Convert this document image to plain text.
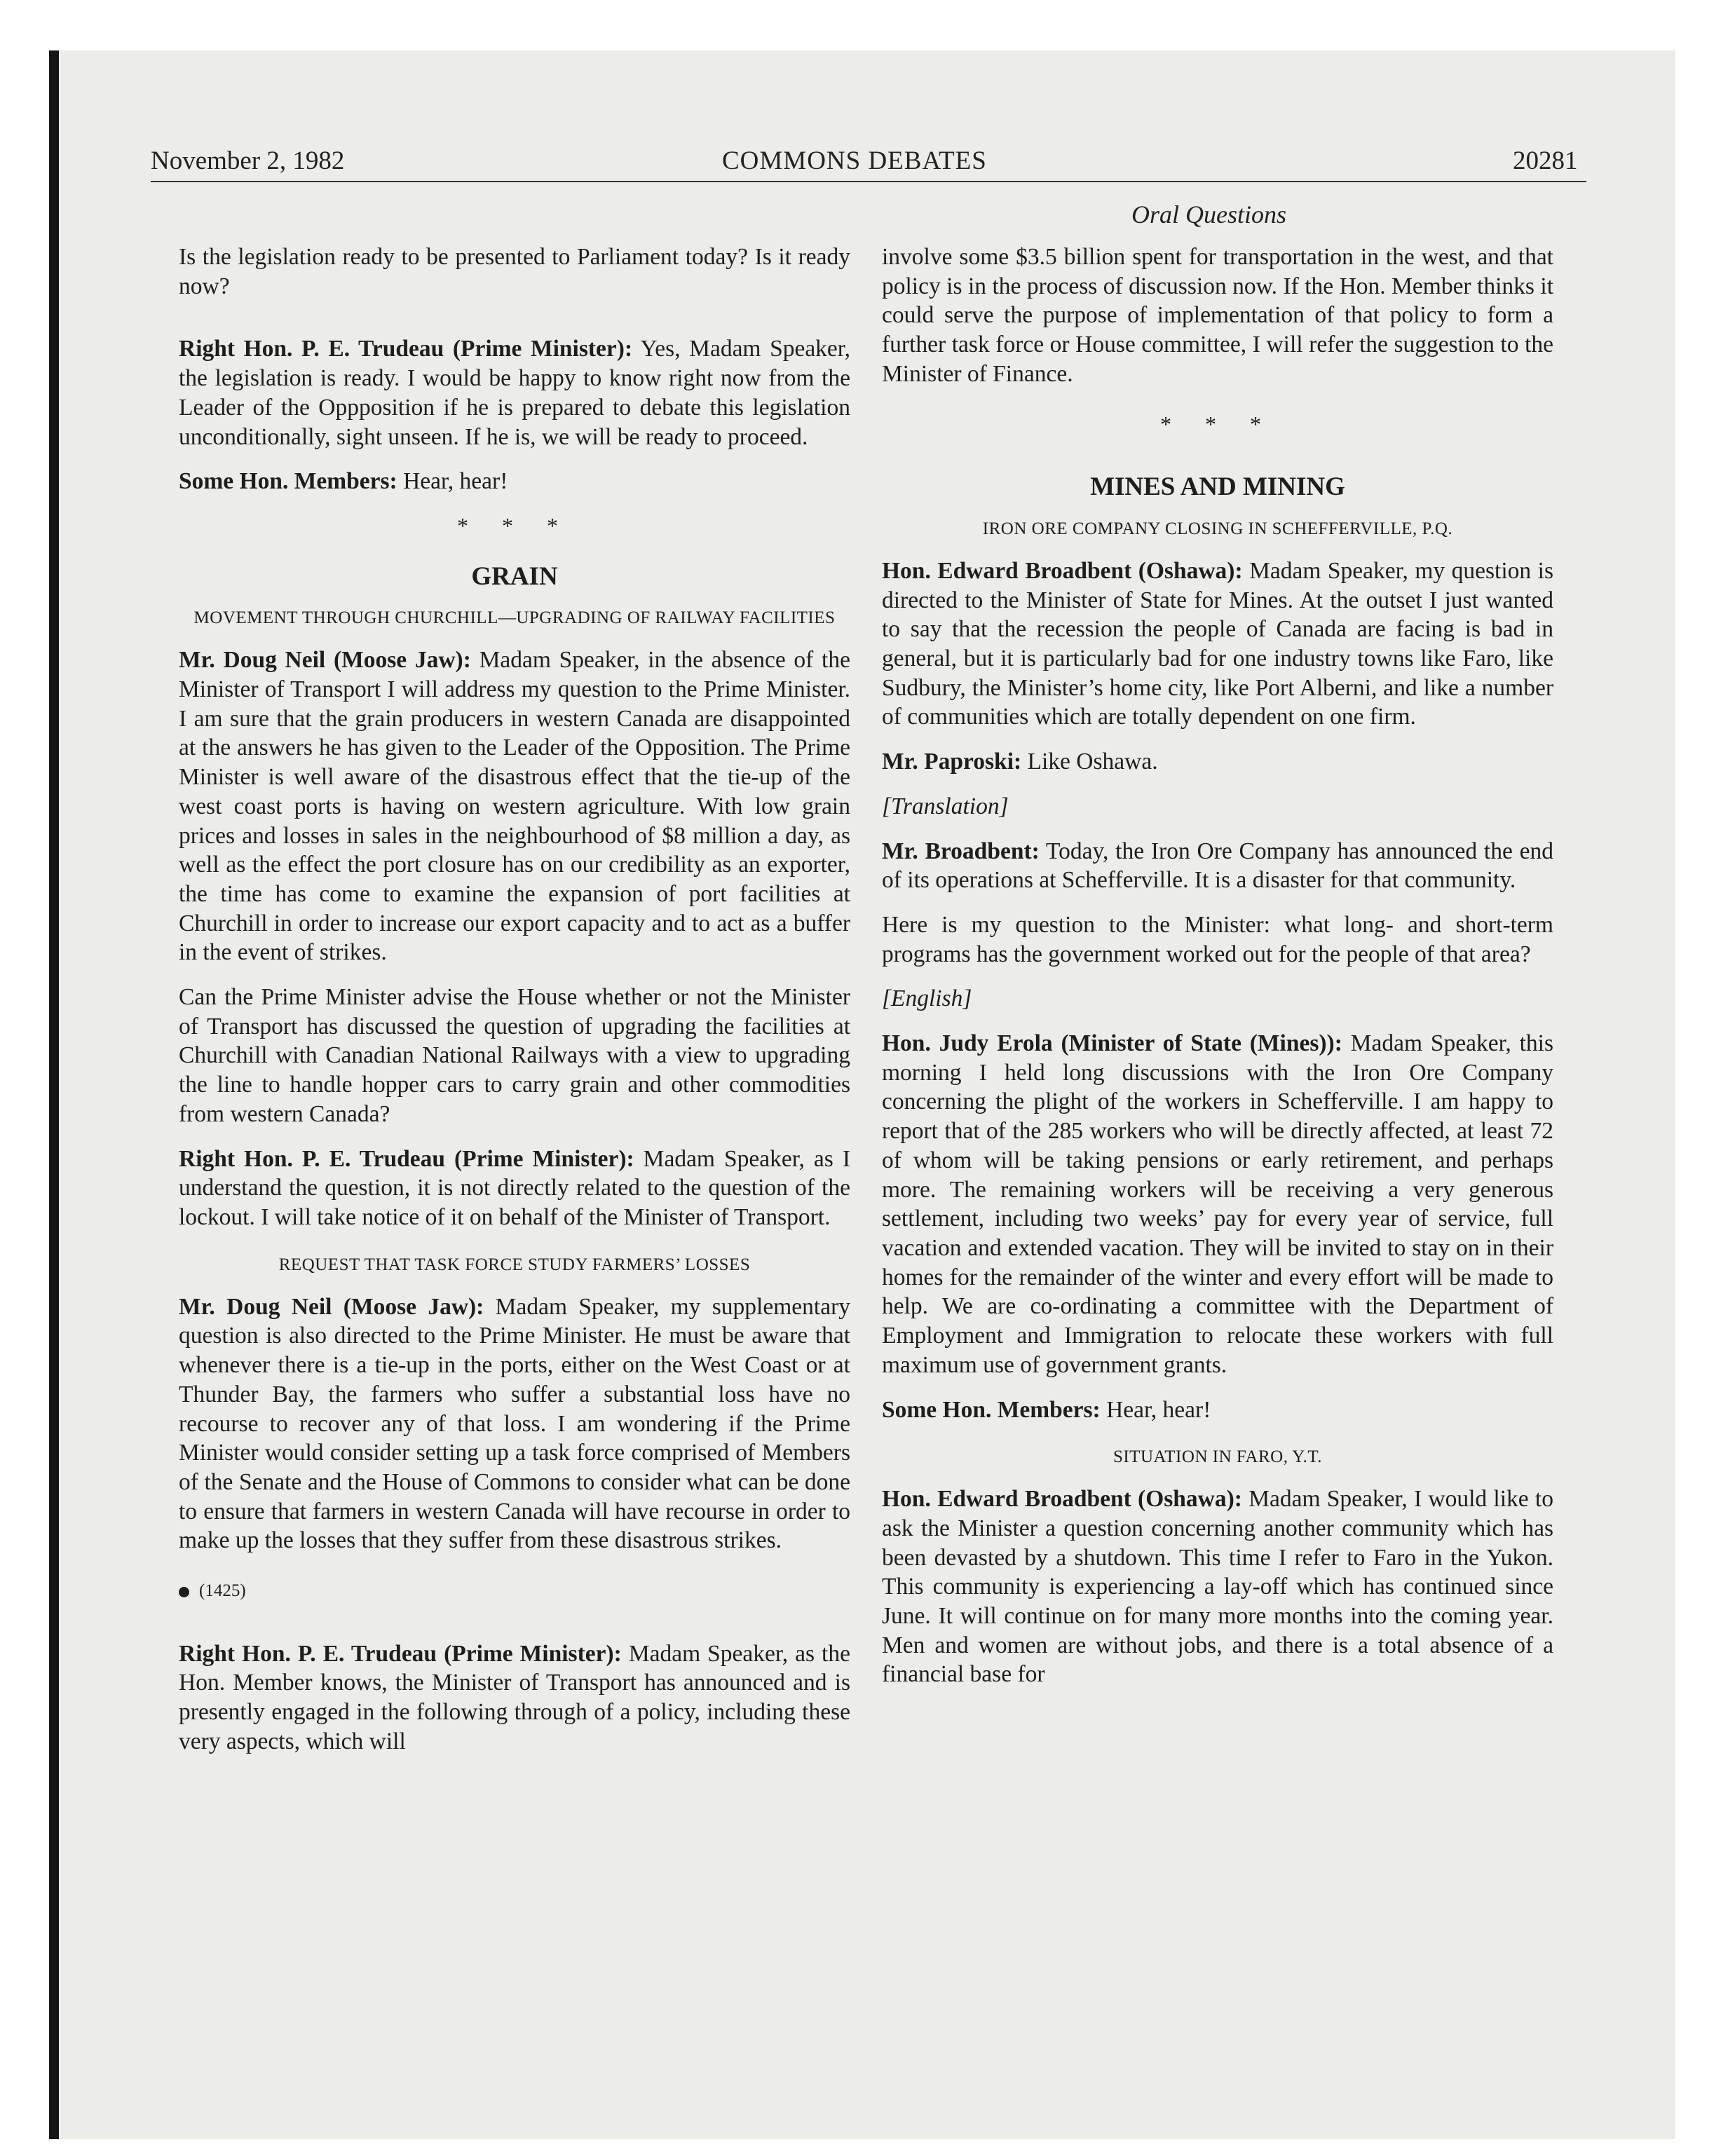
November 2, 1982	COMMONS DEBATES	20281
Oral Questions

Is the legislation ready to be presented to Parliament today? Is it ready now?

Right Hon. P. E. Trudeau (Prime Minister): Yes, Madam Speaker, the legislation is ready. I would be happy to know right now from the Leader of the Oppposition if he is prepared to debate this legislation unconditionally, sight unseen. If he is, we will be ready to proceed.

Some Hon. Members: Hear, hear!

* * *

GRAIN

MOVEMENT THROUGH CHURCHILL—UPGRADING OF RAILWAY FACILITIES

Mr. Doug Neil (Moose Jaw): Madam Speaker, in the absence of the Minister of Transport I will address my question to the Prime Minister. I am sure that the grain producers in western Canada are disappointed at the answers he has given to the Leader of the Opposition. The Prime Minister is well aware of the disastrous effect that the tie-up of the west coast ports is having on western agriculture. With low grain prices and losses in sales in the neighbourhood of $8 million a day, as well as the effect the port closure has on our credibility as an exporter, the time has come to examine the expansion of port facilities at Churchill in order to increase our export capacity and to act as a buffer in the event of strikes.

Can the Prime Minister advise the House whether or not the Minister of Transport has discussed the question of upgrading the facilities at Churchill with Canadian National Railways with a view to upgrading the line to handle hopper cars to carry grain and other commodities from western Canada?

Right Hon. P. E. Trudeau (Prime Minister): Madam Speaker, as I understand the question, it is not directly related to the question of the lockout. I will take notice of it on behalf of the Minister of Transport.

REQUEST THAT TASK FORCE STUDY FARMERS’ LOSSES

Mr. Doug Neil (Moose Jaw): Madam Speaker, my supplementary question is also directed to the Prime Minister. He must be aware that whenever there is a tie-up in the ports, either on the West Coast or at Thunder Bay, the farmers who suffer a substantial loss have no recourse to recover any of that loss. I am wondering if the Prime Minister would consider setting up a task force comprised of Members of the Senate and the House of Commons to consider what can be done to ensure that farmers in western Canada will have recourse in order to make up the losses that they suffer from these disastrous strikes.

(1425)

Right Hon. P. E. Trudeau (Prime Minister): Madam Speaker, as the Hon. Member knows, the Minister of Transport has announced and is presently engaged in the following through of a policy, including these very aspects, which will

involve some $3.5 billion spent for transportation in the west, and that policy is in the process of discussion now. If the Hon. Member thinks it could serve the purpose of implementation of that policy to form a further task force or House committee, I will refer the suggestion to the Minister of Finance.

* * *

MINES AND MINING

IRON ORE COMPANY CLOSING IN SCHEFFERVILLE, P.Q.

Hon. Edward Broadbent (Oshawa): Madam Speaker, my question is directed to the Minister of State for Mines. At the outset I just wanted to say that the recession the people of Canada are facing is bad in general, but it is particularly bad for one industry towns like Faro, like Sudbury, the Minister’s home city, like Port Alberni, and like a number of communities which are totally dependent on one firm.

Mr. Paproski: Like Oshawa.

[Translation]

Mr. Broadbent: Today, the Iron Ore Company has announced the end of its operations at Schefferville. It is a disaster for that community.

Here is my question to the Minister: what long- and short-term programs has the government worked out for the people of that area?

[English]

Hon. Judy Erola (Minister of State (Mines)): Madam Speaker, this morning I held long discussions with the Iron Ore Company concerning the plight of the workers in Schefferville. I am happy to report that of the 285 workers who will be directly affected, at least 72 of whom will be taking pensions or early retirement, and perhaps more. The remaining workers will be receiving a very generous settlement, including two weeks’ pay for every year of service, full vacation and extended vacation. They will be invited to stay on in their homes for the remainder of the winter and every effort will be made to help. We are co-ordinating a committee with the Department of Employment and Immigration to relocate these workers with full maximum use of government grants.

Some Hon. Members: Hear, hear!

SITUATION IN FARO, Y.T.

Hon. Edward Broadbent (Oshawa): Madam Speaker, I would like to ask the Minister a question concerning another community which has been devasted by a shutdown. This time I refer to Faro in the Yukon. This community is experiencing a lay-off which has continued since June. It will continue on for many more months into the coming year. Men and women are without jobs, and there is a total absence of a financial base for
